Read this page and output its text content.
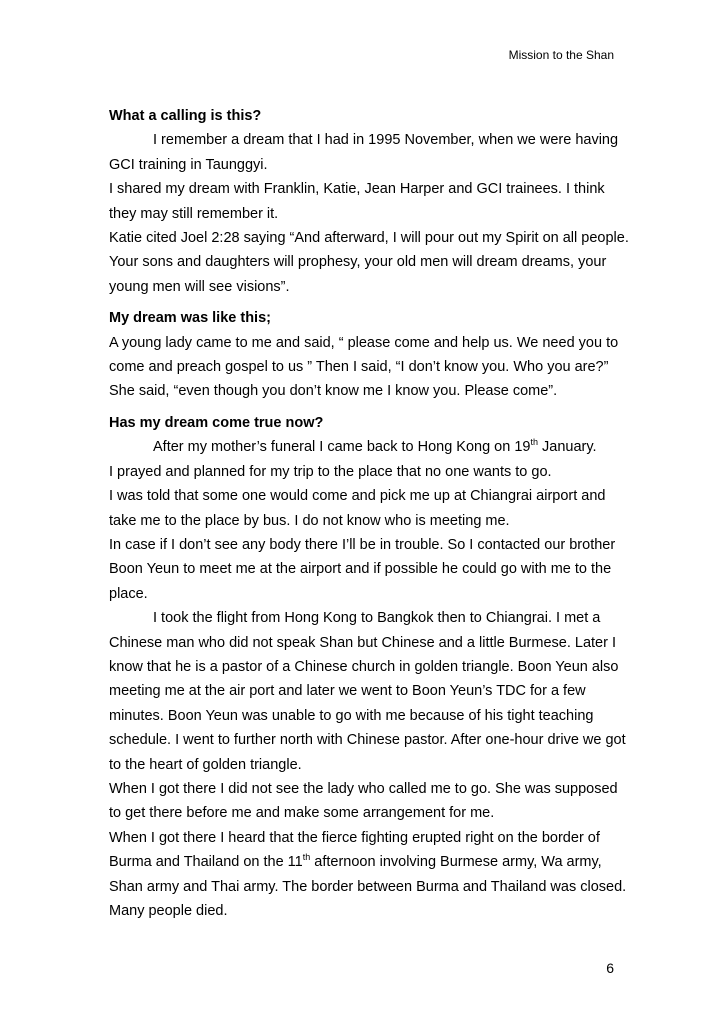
Mission to the Shan
What a calling is this?

I remember a dream that I had in 1995 November, when we were having GCI training in Taunggyi.

I shared my dream with Franklin, Katie, Jean Harper and GCI trainees. I think they may still remember it.

Katie cited Joel 2:28 saying “And afterward, I will pour out my Spirit on all people. Your sons and daughters will prophesy, your old men will dream dreams, your young men will see visions”.

My dream was like this;

A young lady came to me and said, “ please come and help us. We need you to come and preach gospel to us ” Then I said, “I don’t know you. Who you are?” She said, “even though you don’t know me I know you. Please come”.

Has my dream come true now?

After my mother’s funeral I came back to Hong Kong on 19th January.

I prayed and planned for my trip to the place that no one wants to go.

I was told that some one would come and pick me up at Chiangrai airport and take me to the place by bus. I do not know who is meeting me.

In case if I don’t see any body there I’ll be in trouble. So I contacted our brother Boon Yeun to meet me at the airport and if possible he could go with me to the place.

I took the flight from Hong Kong to Bangkok then to Chiangrai. I met a Chinese man who did not speak Shan but Chinese and a little Burmese. Later I know that he is a pastor of a Chinese church in golden triangle. Boon Yeun also meeting me at the air port and later we went to Boon Yeun’s TDC for a few minutes. Boon Yeun was unable to go with me because of his tight teaching schedule. I went to further north with Chinese pastor. After one-hour drive we got to the heart of golden triangle.

When I got there I did not see the lady who called me to go. She was supposed to get there before me and make some arrangement for me.

When I got there I heard that the fierce fighting erupted right on the border of Burma and Thailand on the 11th afternoon involving Burmese army, Wa army, Shan army and Thai army. The border between Burma and Thailand was closed. Many people died.

6
